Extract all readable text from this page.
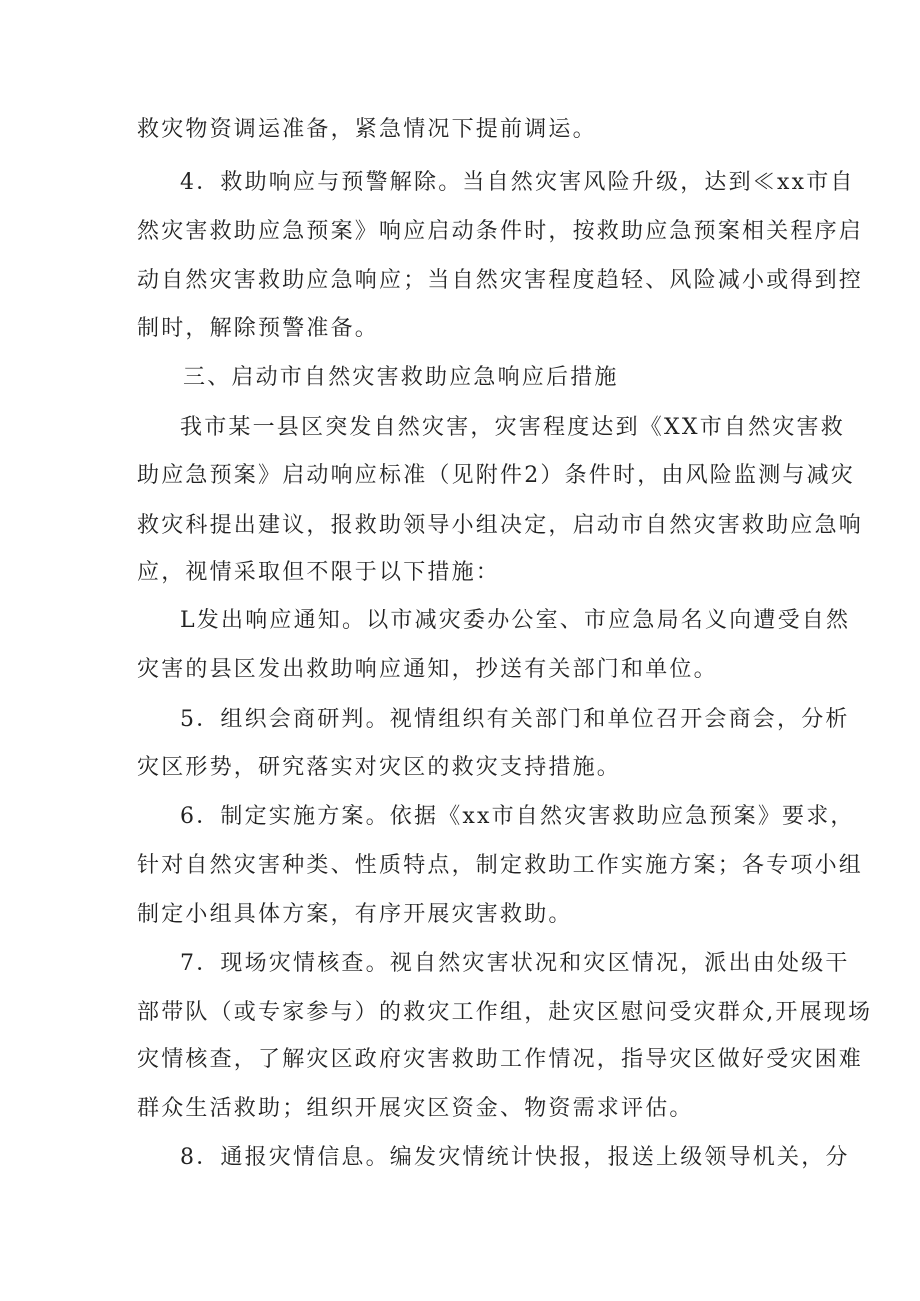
救灾物资调运准备，紧急情况下提前调运。
4．救助响应与预警解除。当自然灾害风险升级，达到≪xx市自
然灾害救助应急预案》响应启动条件时，按救助应急预案相关程序启
动自然灾害救助应急响应；当自然灾害程度趋轻、风险减小或得到控
制时，解除预警准备。
三、启动市自然灾害救助应急响应后措施
我市某一县区突发自然灾害，灾害程度达到《XX市自然灾害救
助应急预案》启动响应标准（见附件2）条件时，由风险监测与减灾
救灾科提出建议，报救助领导小组决定，启动市自然灾害救助应急响
应，视情采取但不限于以下措施：
L发出响应通知。以市减灾委办公室、市应急局名义向遭受自然
灾害的县区发出救助响应通知，抄送有关部门和单位。
5．组织会商研判。视情组织有关部门和单位召开会商会，分析
灾区形势，研究落实对灾区的救灾支持措施。
6．制定实施方案。依据《xx市自然灾害救助应急预案》要求，
针对自然灾害种类、性质特点，制定救助工作实施方案；各专项小组
制定小组具体方案，有序开展灾害救助。
7．现场灾情核查。视自然灾害状况和灾区情况，派出由处级干
部带队（或专家参与）的救灾工作组，赴灾区慰问受灾群众,开展现场
灾情核查，了解灾区政府灾害救助工作情况，指导灾区做好受灾困难
群众生活救助；组织开展灾区资金、物资需求评估。
8．通报灾情信息。编发灾情统计快报，报送上级领导机关，分
